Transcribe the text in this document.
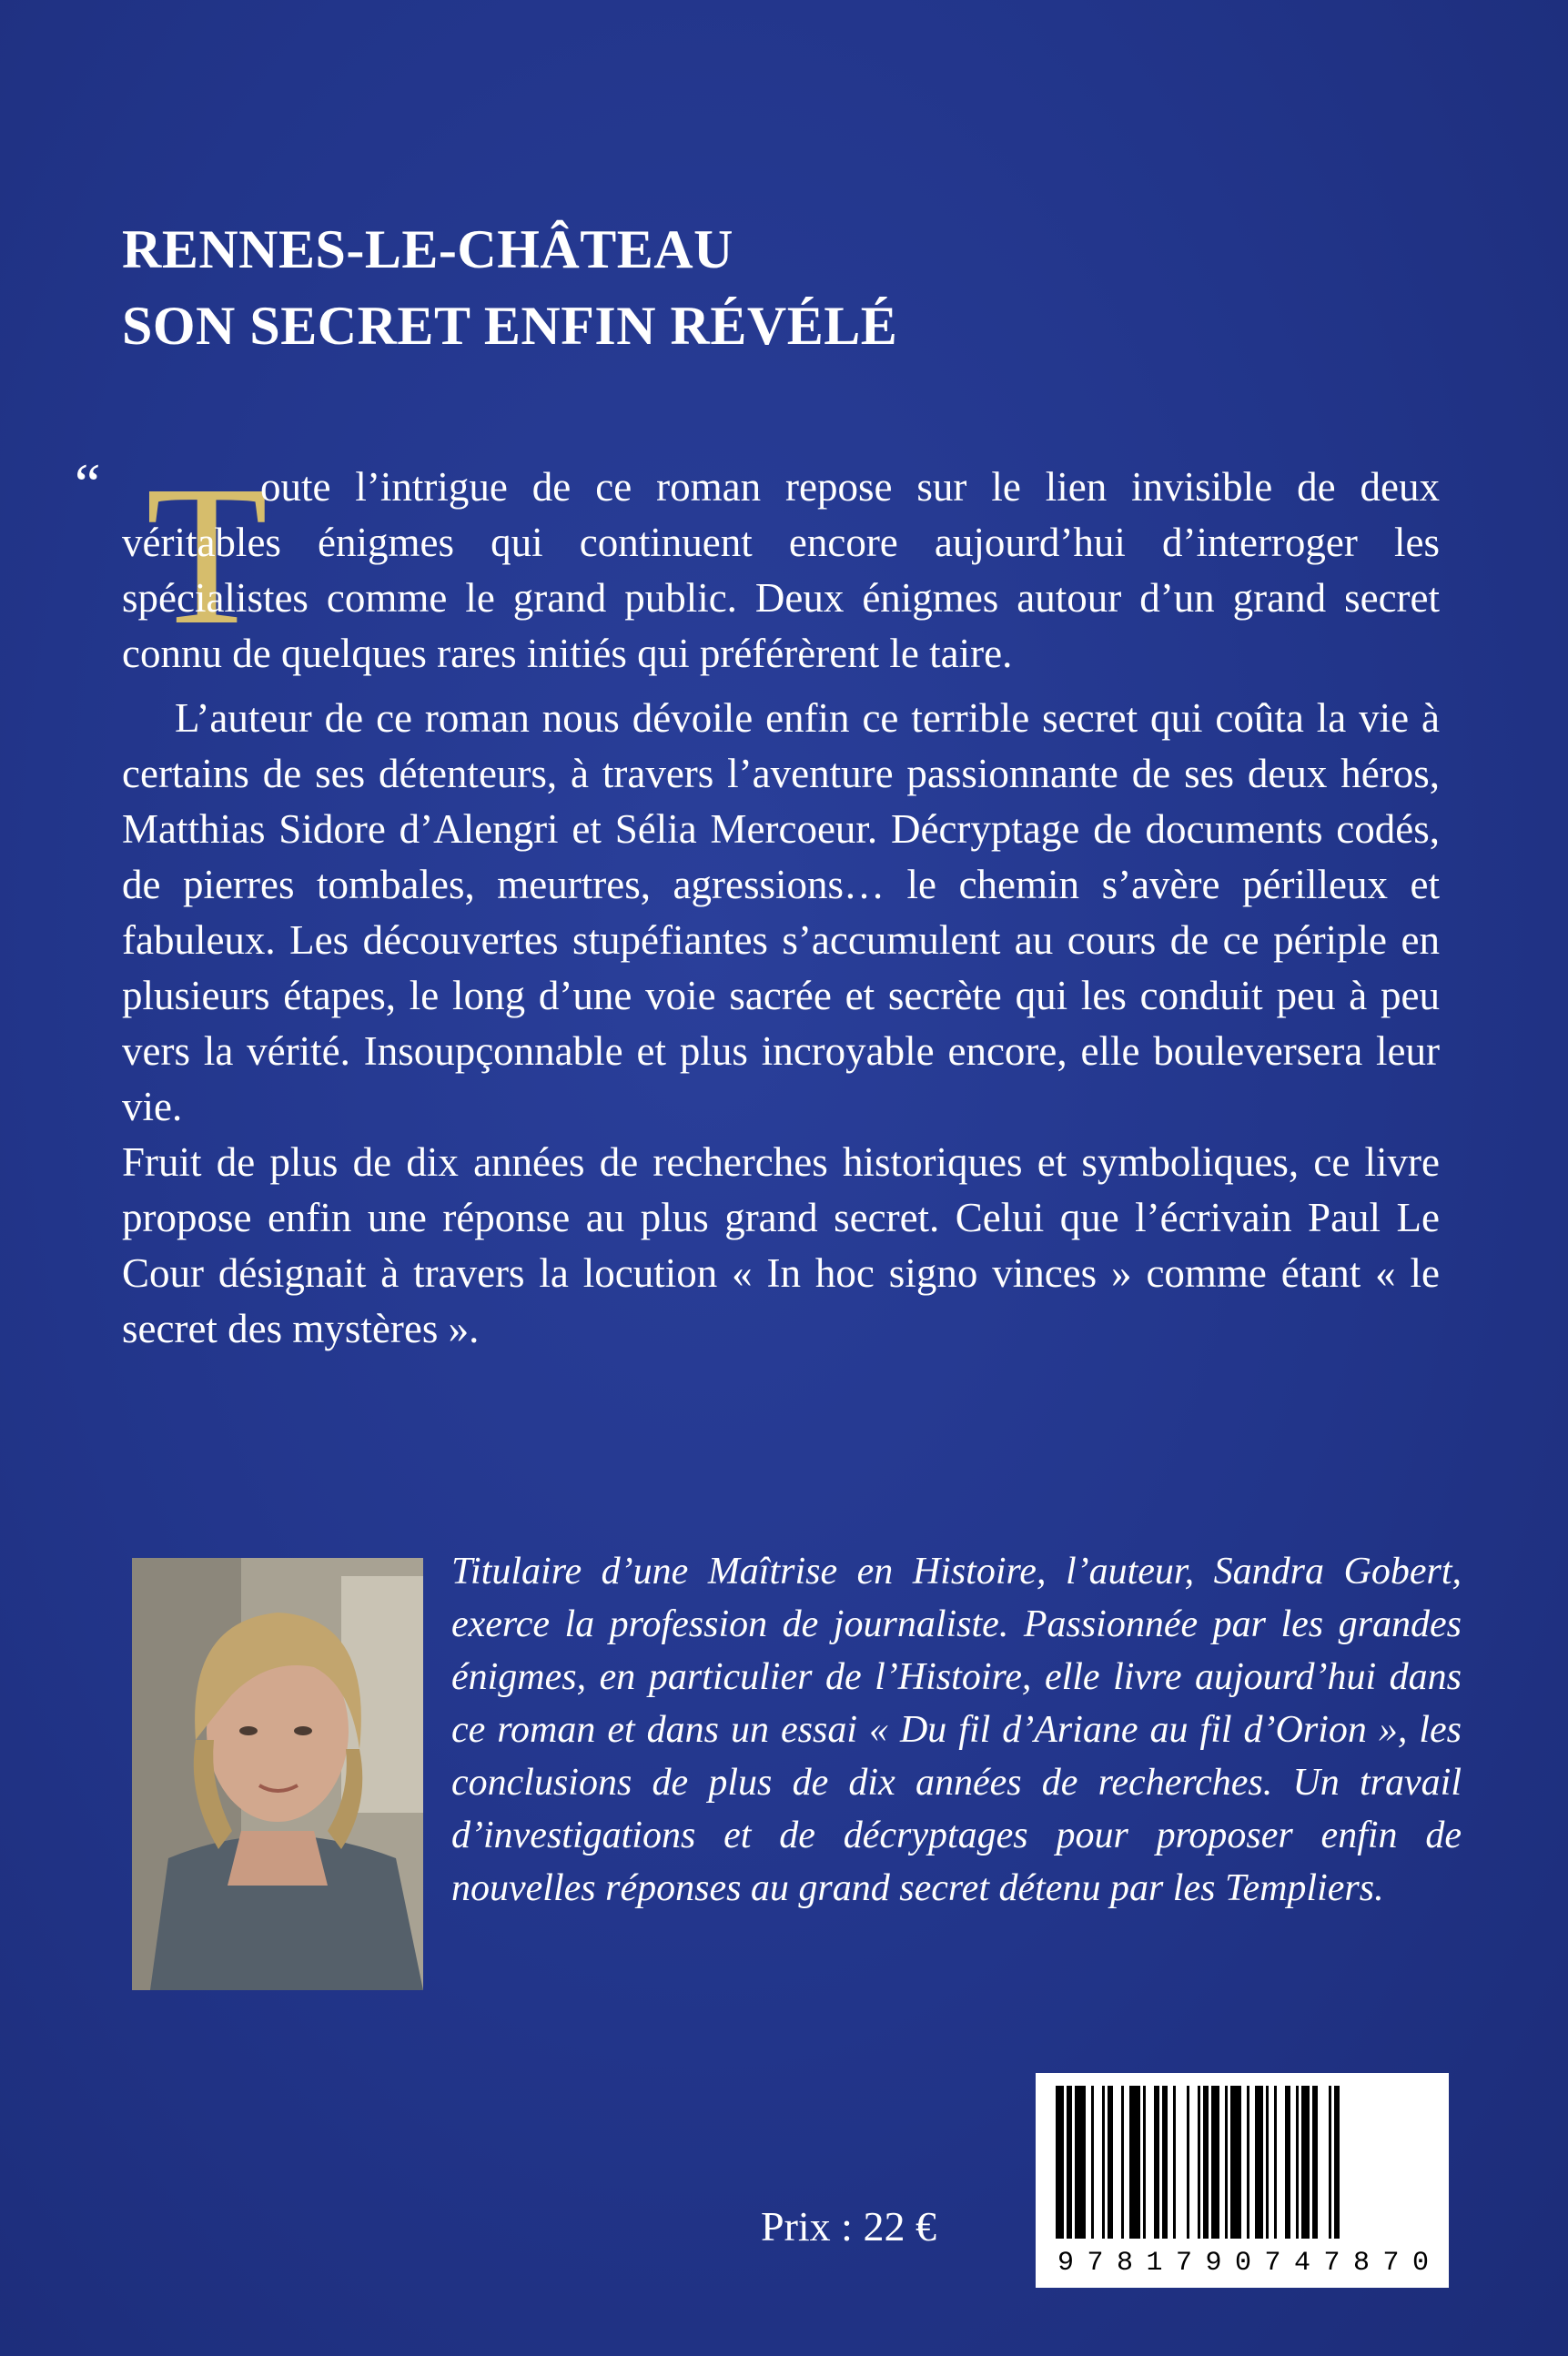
RENNES-LE-CHÂTEAU
SON SECRET ENFIN RÉVÉLÉ
“ T

oute l’intrigue de ce roman repose sur le lien invisible de deux véritables énigmes qui continuent encore aujourd’hui d’interroger les spécialistes comme le grand public. Deux énigmes autour d’un grand secret connu de quelques rares initiés qui préférèrent le taire.

L’auteur de ce roman nous dévoile enfin ce terrible secret qui coûta la vie à certains de ses détenteurs, à travers l’aventure passionnante de ses deux héros, Matthias Sidore d’Alengri et Sélia Mercoeur. Décryptage de documents codés, de pierres tombales, meurtres, agressions… le chemin s’avère périlleux et fabuleux. Les découvertes stupéfiantes s’accumulent au cours de ce périple en plusieurs étapes, le long d’une voie sacrée et secrète qui les conduit peu à peu vers la vérité. Insoupçonnable et plus incroyable encore, elle bouleversera leur vie.

Fruit de plus de dix années de recherches historiques et symboliques, ce livre propose enfin une réponse au plus grand secret. Celui que l’écrivain Paul Le Cour désignait à travers la locution « In hoc signo vinces » comme étant « le secret des mystères ».

Titulaire d’une Maîtrise en Histoire, l’auteur, Sandra Gobert, exerce la profession de journaliste. Passionnée par les grandes énigmes, en particulier de l’Histoire, elle livre aujourd’hui dans ce roman et dans un essai « Du fil d’Ariane au fil d’Orion », les conclusions de plus de dix années de recherches. Un travail d’investigations et de décryptages pour proposer enfin de nouvelles réponses au grand secret détenu par les Templiers.
Prix : 22 €
9781790747870
